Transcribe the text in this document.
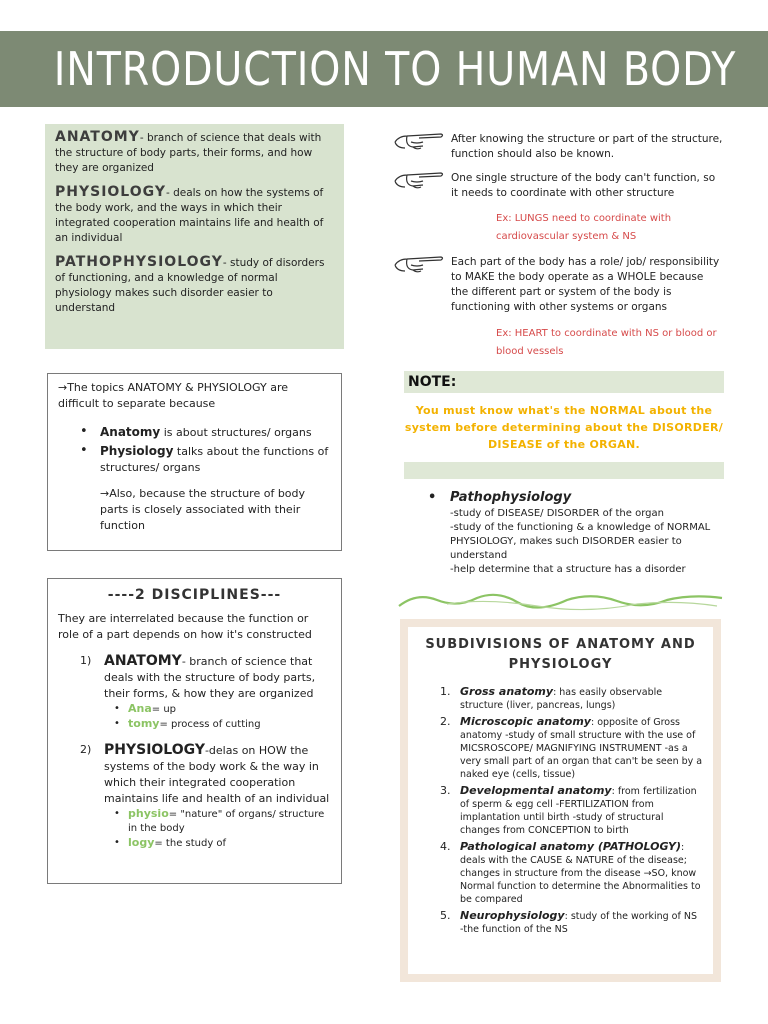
INTRODUCTION TO HUMAN BODY

ANATOMY- branch of science that deals with the structure of body parts, their forms, and how they are organized

PHYSIOLOGY- deals on how the systems of the body work, and the ways in which their integrated cooperation maintains life and health of an individual

PATHOPHYSIOLOGY- study of disorders of functioning, and a knowledge of normal physiology makes such disorder easier to understand

→The topics ANATOMY & PHYSIOLOGY are difficult to separate because
• Anatomy is about structures/ organs
• Physiology talks about the functions of structures/ organs
→Also, because the structure of body parts is closely associated with their function
----2 DISCIPLINES---
They are interrelated because the function or role of a part depends on how it's constructed
1) ANATOMY- branch of science that deals with the structure of body parts, their forms, & how they are organized
• Ana= up
• tomy= process of cutting
2) PHYSIOLOGY-delas on HOW the systems of the body work & the way in which their integrated cooperation maintains life and health of an individual
• physio= "nature" of organs/ structure in the body
• logy= the study of
After knowing the structure or part of the structure, function should also be known.
One single structure of the body can't function, so it needs to coordinate with other structure
Ex: LUNGS need to coordinate with cardiovascular system & NS
Each part of the body has a role/ job/ responsibility to MAKE the body operate as a WHOLE because the different part or system of the body is functioning with other systems or organs
Ex: HEART to coordinate with NS or blood or blood vessels
NOTE:
You must know what's the NORMAL about the system before determining about the DISORDER/ DISEASE of the ORGAN.
• Pathophysiology
-study of DISEASE/ DISORDER of the organ
-study of the functioning & a knowledge of NORMAL PHYSIOLOGY, makes such DISORDER easier to understand
-help determine that a structure has a disorder
SUBDIVISIONS OF ANATOMY AND PHYSIOLOGY
1. Gross anatomy: has easily observable structure (liver, pancreas, lungs)
2. Microscopic anatomy: opposite of Gross anatomy -study of small structure with the use of MICSROSCOPE/ MAGNIFYING INSTRUMENT -as a very small part of an organ that can't be seen by a naked eye (cells, tissue)
3. Developmental anatomy: from fertilization of sperm & egg cell -FERTILIZATION from implantation until birth -study of structural changes from CONCEPTION to birth
4. Pathological anatomy (PATHOLOGY): deals with the CAUSE & NATURE of the disease; changes in structure from the disease →SO, know Normal function to determine the Abnormalities to be compared
5. Neurophysiology: study of the working of NS -the function of the NS
